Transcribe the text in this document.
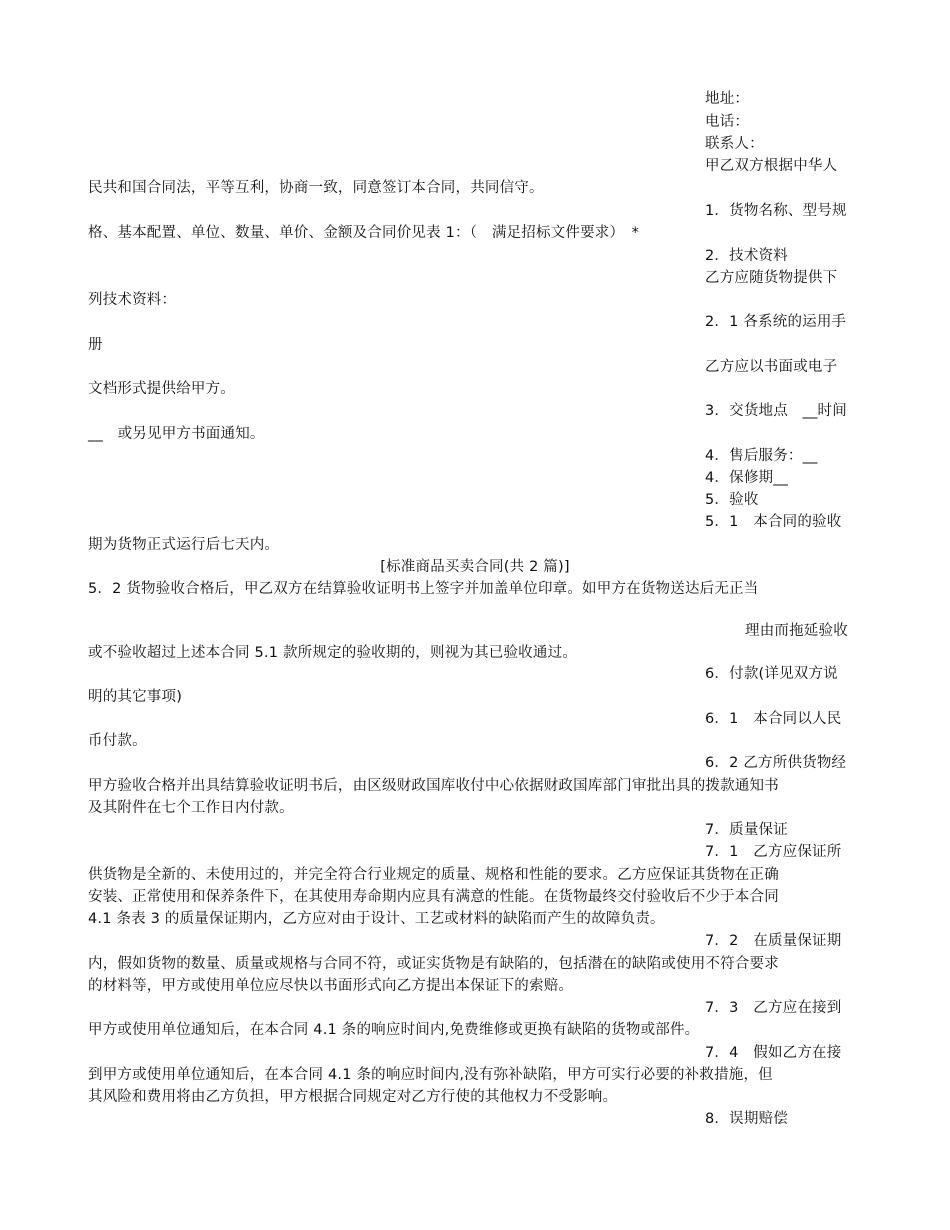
地址：
电话：
联系人：
甲乙双方根据中华人
民共和国合同法，平等互利，协商一致，同意签订本合同，共同信守。
1．货物名称、型号规
格、基本配置、单位、数量、单价、金额及合同价见表 1：（　满足招标文件要求）　*
2．技术资料
乙方应随货物提供下
列技术资料：
2．1 各系统的运用手
册
乙方应以书面或电子
文档形式提供给甲方。
3．交货地点　__时间
__　或另见甲方书面通知。
4．售后服务：__
4．保修期__
5．验收
5．1　本合同的验收
期为货物正式运行后七天内。
[标准商品买卖合同(共 2 篇)]
5．2 货物验收合格后，甲乙双方在结算验收证明书上签字并加盖单位印章。如甲方在货物送达后无正当
理由而拖延验收
或不验收超过上述本合同 5.1 款所规定的验收期的，则视为其已验收通过。
6．付款(详见双方说
明的其它事项)
6．1　本合同以人民
币付款。
6．2 乙方所供货物经
甲方验收合格并出具结算验收证明书后，由区级财政国库收付中心依据财政国库部门审批出具的拨款通知书
及其附件在七个工作日内付款。
7．质量保证
7．1　乙方应保证所
供货物是全新的、未使用过的，并完全符合行业规定的质量、规格和性能的要求。乙方应保证其货物在正确
安装、正常使用和保养条件下，在其使用寿命期内应具有满意的性能。在货物最终交付验收后不少于本合同
4.1 条表 3 的质量保证期内，乙方应对由于设计、工艺或材料的缺陷而产生的故障负责。
7．2　在质量保证期
内，假如货物的数量、质量或规格与合同不符，或证实货物是有缺陷的，包括潜在的缺陷或使用不符合要求
的材料等，甲方或使用单位应尽快以书面形式向乙方提出本保证下的索赔。
7．3　乙方应在接到
甲方或使用单位通知后，在本合同 4.1 条的响应时间内,免费维修或更换有缺陷的货物或部件。
7．4　假如乙方在接
到甲方或使用单位通知后，在本合同 4.1 条的响应时间内,没有弥补缺陷，甲方可实行必要的补救措施，但
其风险和费用将由乙方负担，甲方根据合同规定对乙方行使的其他权力不受影响。
8．误期赔偿
